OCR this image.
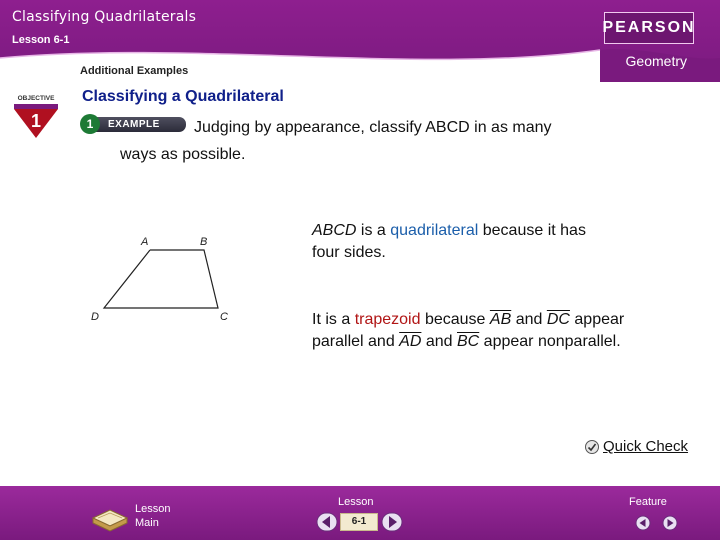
Classifying Quadrilaterals
Lesson 6-1
Additional Examples
PEARSON
Geometry
OBJECTIVE
1
Classifying a Quadrilateral
EXAMPLE
1	Judging by appearance, classify ABCD in as many
ways as possible.
A	B
C
D
ABCD is a quadrilateral because it has
four sides.
It is a trapezoid because $\overline{AB}$ and $\overline{DC}$ appear
parallel and $\overline{AD}$ and $\overline{BC}$ appear nonparallel.
Quick Check
Lesson
Main
Lesson
6-1
Feature
